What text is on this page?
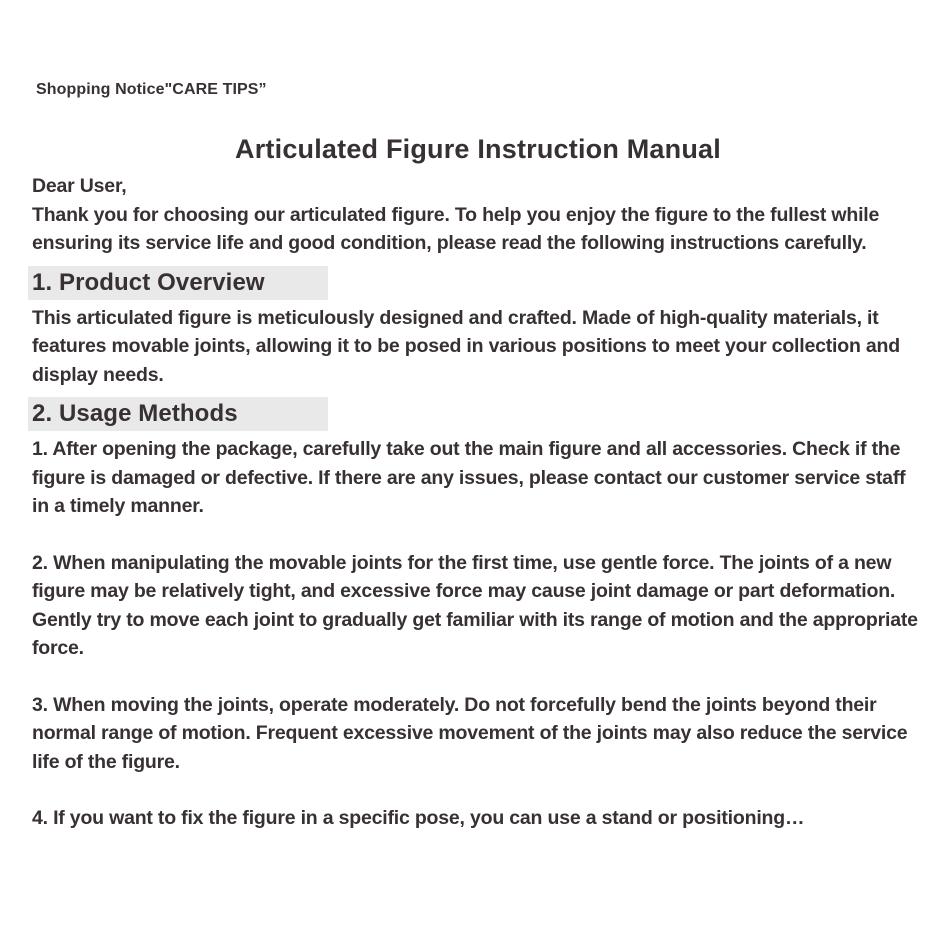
Shopping Notice"CARE TIPS”
Articulated Figure Instruction Manual

Dear User,

Thank you for choosing our articulated figure. To help you enjoy the figure to the fullest while ensuring its service life and good condition, please read the following instructions carefully.

1. Product Overview

This articulated figure is meticulously designed and crafted. Made of high-quality materials, it features movable joints, allowing it to be posed in various positions to meet your collection and display needs.

2. Usage Methods

1. After opening the package, carefully take out the main figure and all accessories. Check if the figure is damaged or defective. If there are any issues, please contact our customer service staff in a timely manner.

2. When manipulating the movable joints for the first time, use gentle force. The joints of a new figure may be relatively tight, and excessive force may cause joint damage or part deformation. Gently try to move each joint to gradually get familiar with its range of motion and the appropriate force.

3. When moving the joints, operate moderately. Do not forcefully bend the joints beyond their normal range of motion. Frequent excessive movement of the joints may also reduce the service life of the figure.

4. If you want to fix the figure in a specific pose, you can use a stand or positioning…
